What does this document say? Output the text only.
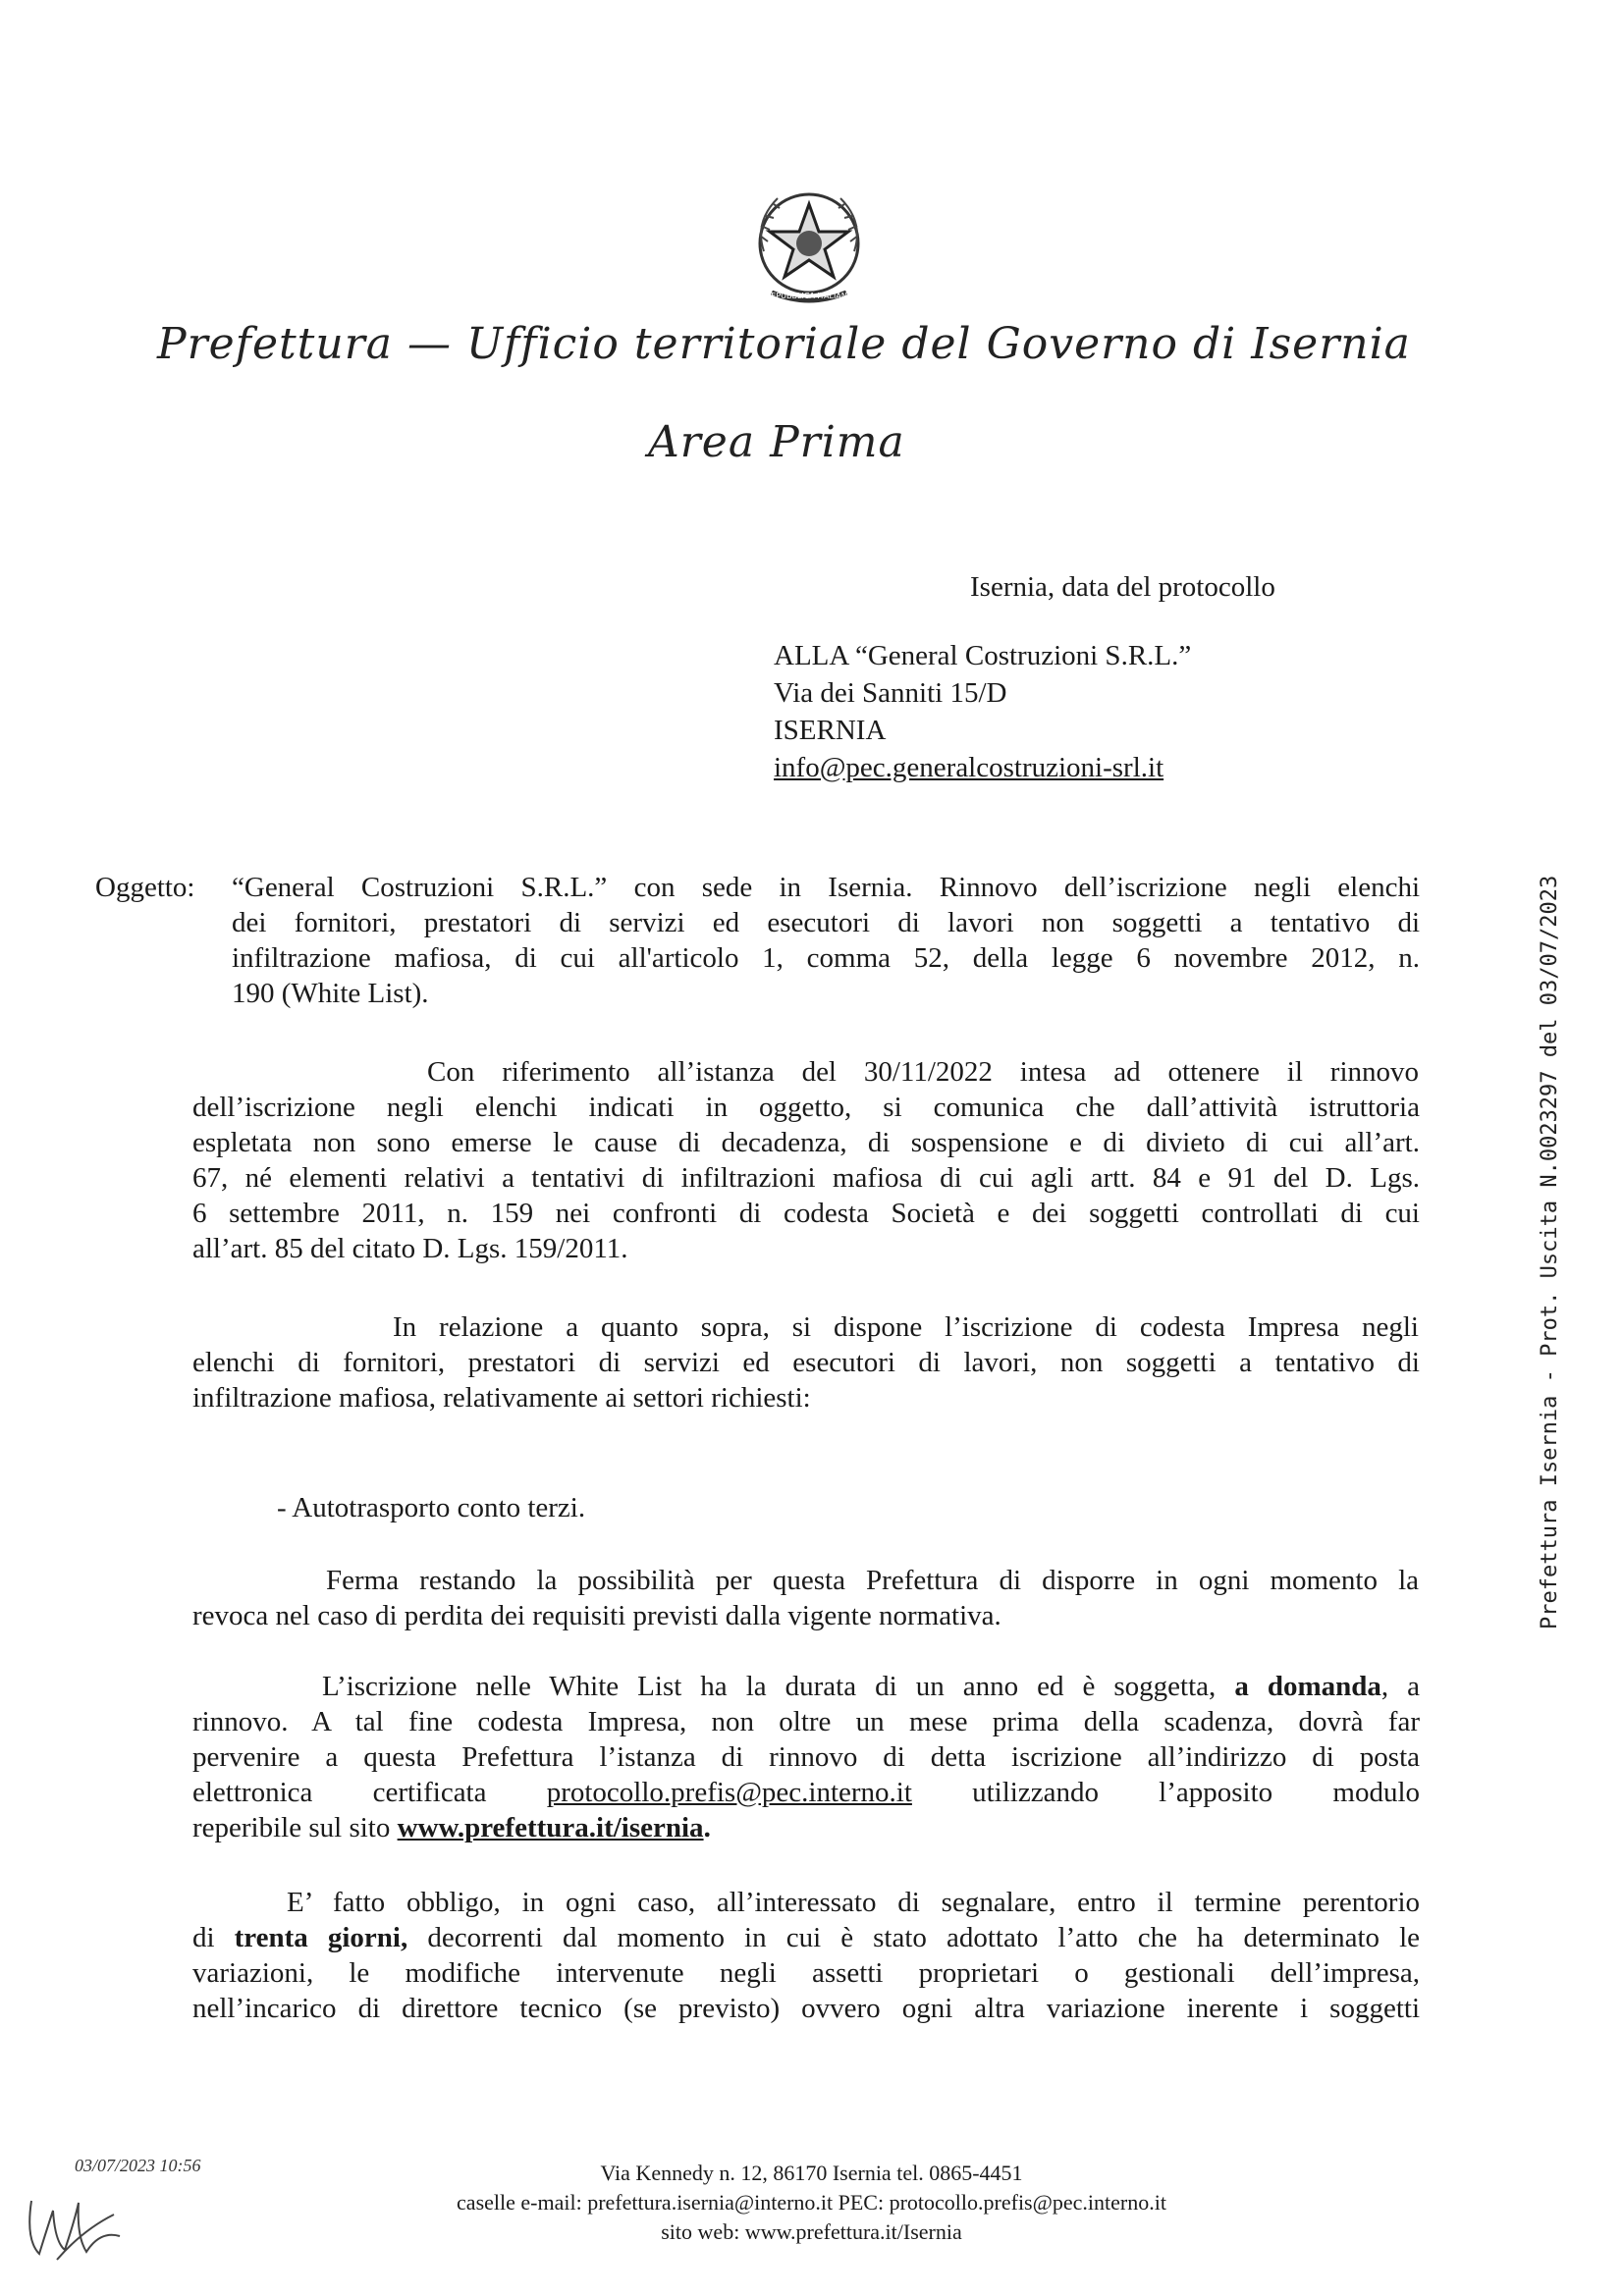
REPUBBLICA ITALIANA
Prefettura — Ufficio territoriale del Governo di Isernia
Area Prima
Isernia, data del protocollo
ALLA “General Costruzioni S.R.L.”
Via dei Sanniti 15/D
ISERNIA
info@pec.generalcostruzioni-srl.it
Oggetto: “General Costruzioni S.R.L.” con sede in Isernia. Rinnovo dell’iscrizione negli elenchi
dei fornitori, prestatori di servizi ed esecutori di lavori non soggetti a tentativo di
infiltrazione mafiosa, di cui all'articolo 1, comma 52, della legge 6 novembre 2012, n.
190 (White List).
Con riferimento all’istanza del 30/11/2022 intesa ad ottenere il rinnovo
dell’iscrizione negli elenchi indicati in oggetto, si comunica che dall’attività istruttoria
espletata non sono emerse le cause di decadenza, di sospensione e di divieto di cui all’art.
67, né elementi relativi a tentativi di infiltrazioni mafiosa di cui agli artt. 84 e 91 del D. Lgs.
6 settembre 2011, n. 159 nei confronti di codesta Società e dei soggetti controllati di cui
all’art. 85 del citato D. Lgs. 159/2011.
In relazione a quanto sopra, si dispone l’iscrizione di codesta Impresa negli
elenchi di fornitori, prestatori di servizi ed esecutori di lavori, non soggetti a tentativo di
infiltrazione mafiosa, relativamente ai settori richiesti:
- Autotrasporto conto terzi.
Ferma restando la possibilità per questa Prefettura di disporre in ogni momento la
revoca nel caso di perdita dei requisiti previsti dalla vigente normativa.
L’iscrizione nelle White List ha la durata di un anno ed è soggetta, a domanda, a
rinnovo. A tal fine codesta Impresa, non oltre un mese prima della scadenza, dovrà far
pervenire a questa Prefettura l’istanza di rinnovo di detta iscrizione all’indirizzo di posta
elettronica certificata protocollo.prefis@pec.interno.it utilizzando l’apposito modulo
reperibile sul sito www.prefettura.it/isernia.
E’ fatto obbligo, in ogni caso, all’interessato di segnalare, entro il termine perentorio
di trenta giorni, decorrenti dal momento in cui è stato adottato l’atto che ha determinato le
variazioni, le modifiche intervenute negli assetti proprietari o gestionali dell’impresa,
nell’incarico di direttore tecnico (se previsto) ovvero ogni altra variazione inerente i soggetti
Prefettura Isernia - Prot. Uscita N.0023297 del 03/07/2023
03/07/2023 10:56	Via Kennedy n. 12, 86170 Isernia tel. 0865-4451
caselle e-mail: prefettura.isernia@interno.it PEC: protocollo.prefis@pec.interno.it
sito web: www.prefettura.it/Isernia
